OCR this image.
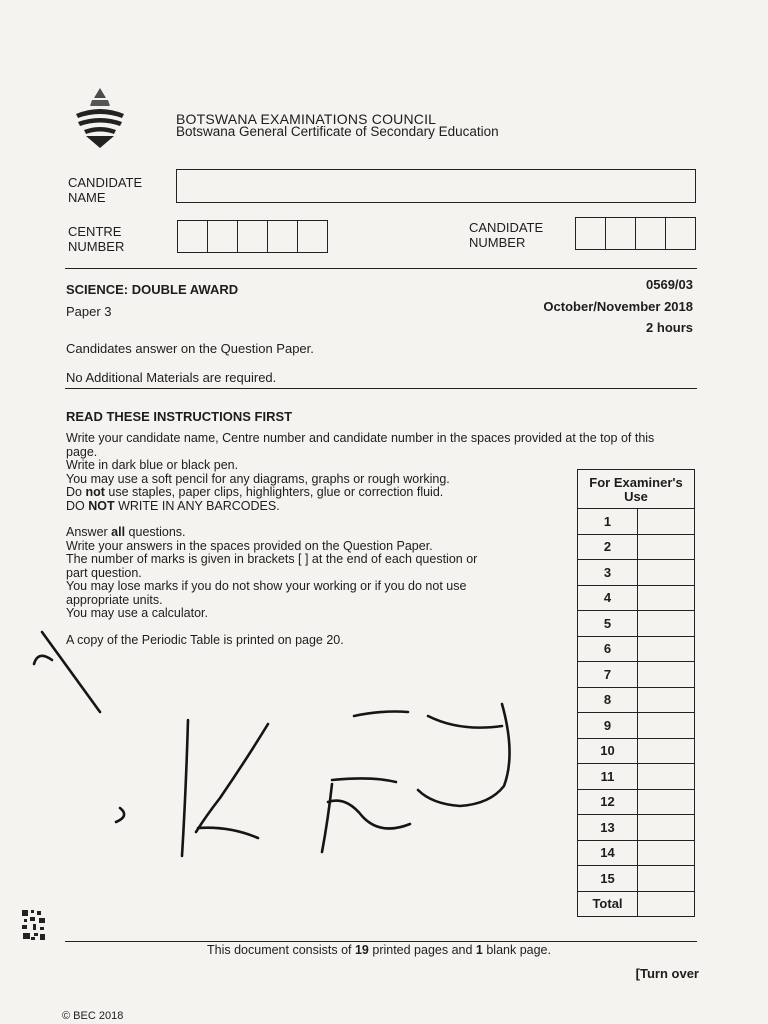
BOTSWANA EXAMINATIONS COUNCIL
Botswana General Certificate of Secondary Education
CANDIDATE
NAME
CENTRE
NUMBER
CANDIDATE
NUMBER
SCIENCE: DOUBLE AWARD
Paper 3
0569/03
October/November 2018
2 hours
Candidates answer on the Question Paper.
No Additional Materials are required.
READ THESE INSTRUCTIONS FIRST

Write your candidate name, Centre number and candidate number in the spaces provided at the top of this

page.

Write in dark blue or black pen.

You may use a soft pencil for any diagrams, graphs or rough working.

Do not use staples, paper clips, highlighters, glue or correction fluid.

DO NOT WRITE IN ANY BARCODES.

Answer all questions.

Write your answers in the spaces provided on the Question Paper.

The number of marks is given in brackets [ ] at the end of each question or

part question.

You may lose marks if you do not show your working or if you do not use

appropriate units.

You may use a calculator.

A copy of the Periodic Table is printed on page 20.

For Examiner's
Use	

1	
2	
3	
4	
5	
6	
7	
8	
9	
10	
11	
12	
13	
14	
15	
Total	
This document consists of 19 printed pages and 1 blank page.
[Turn over
© BEC 2018
